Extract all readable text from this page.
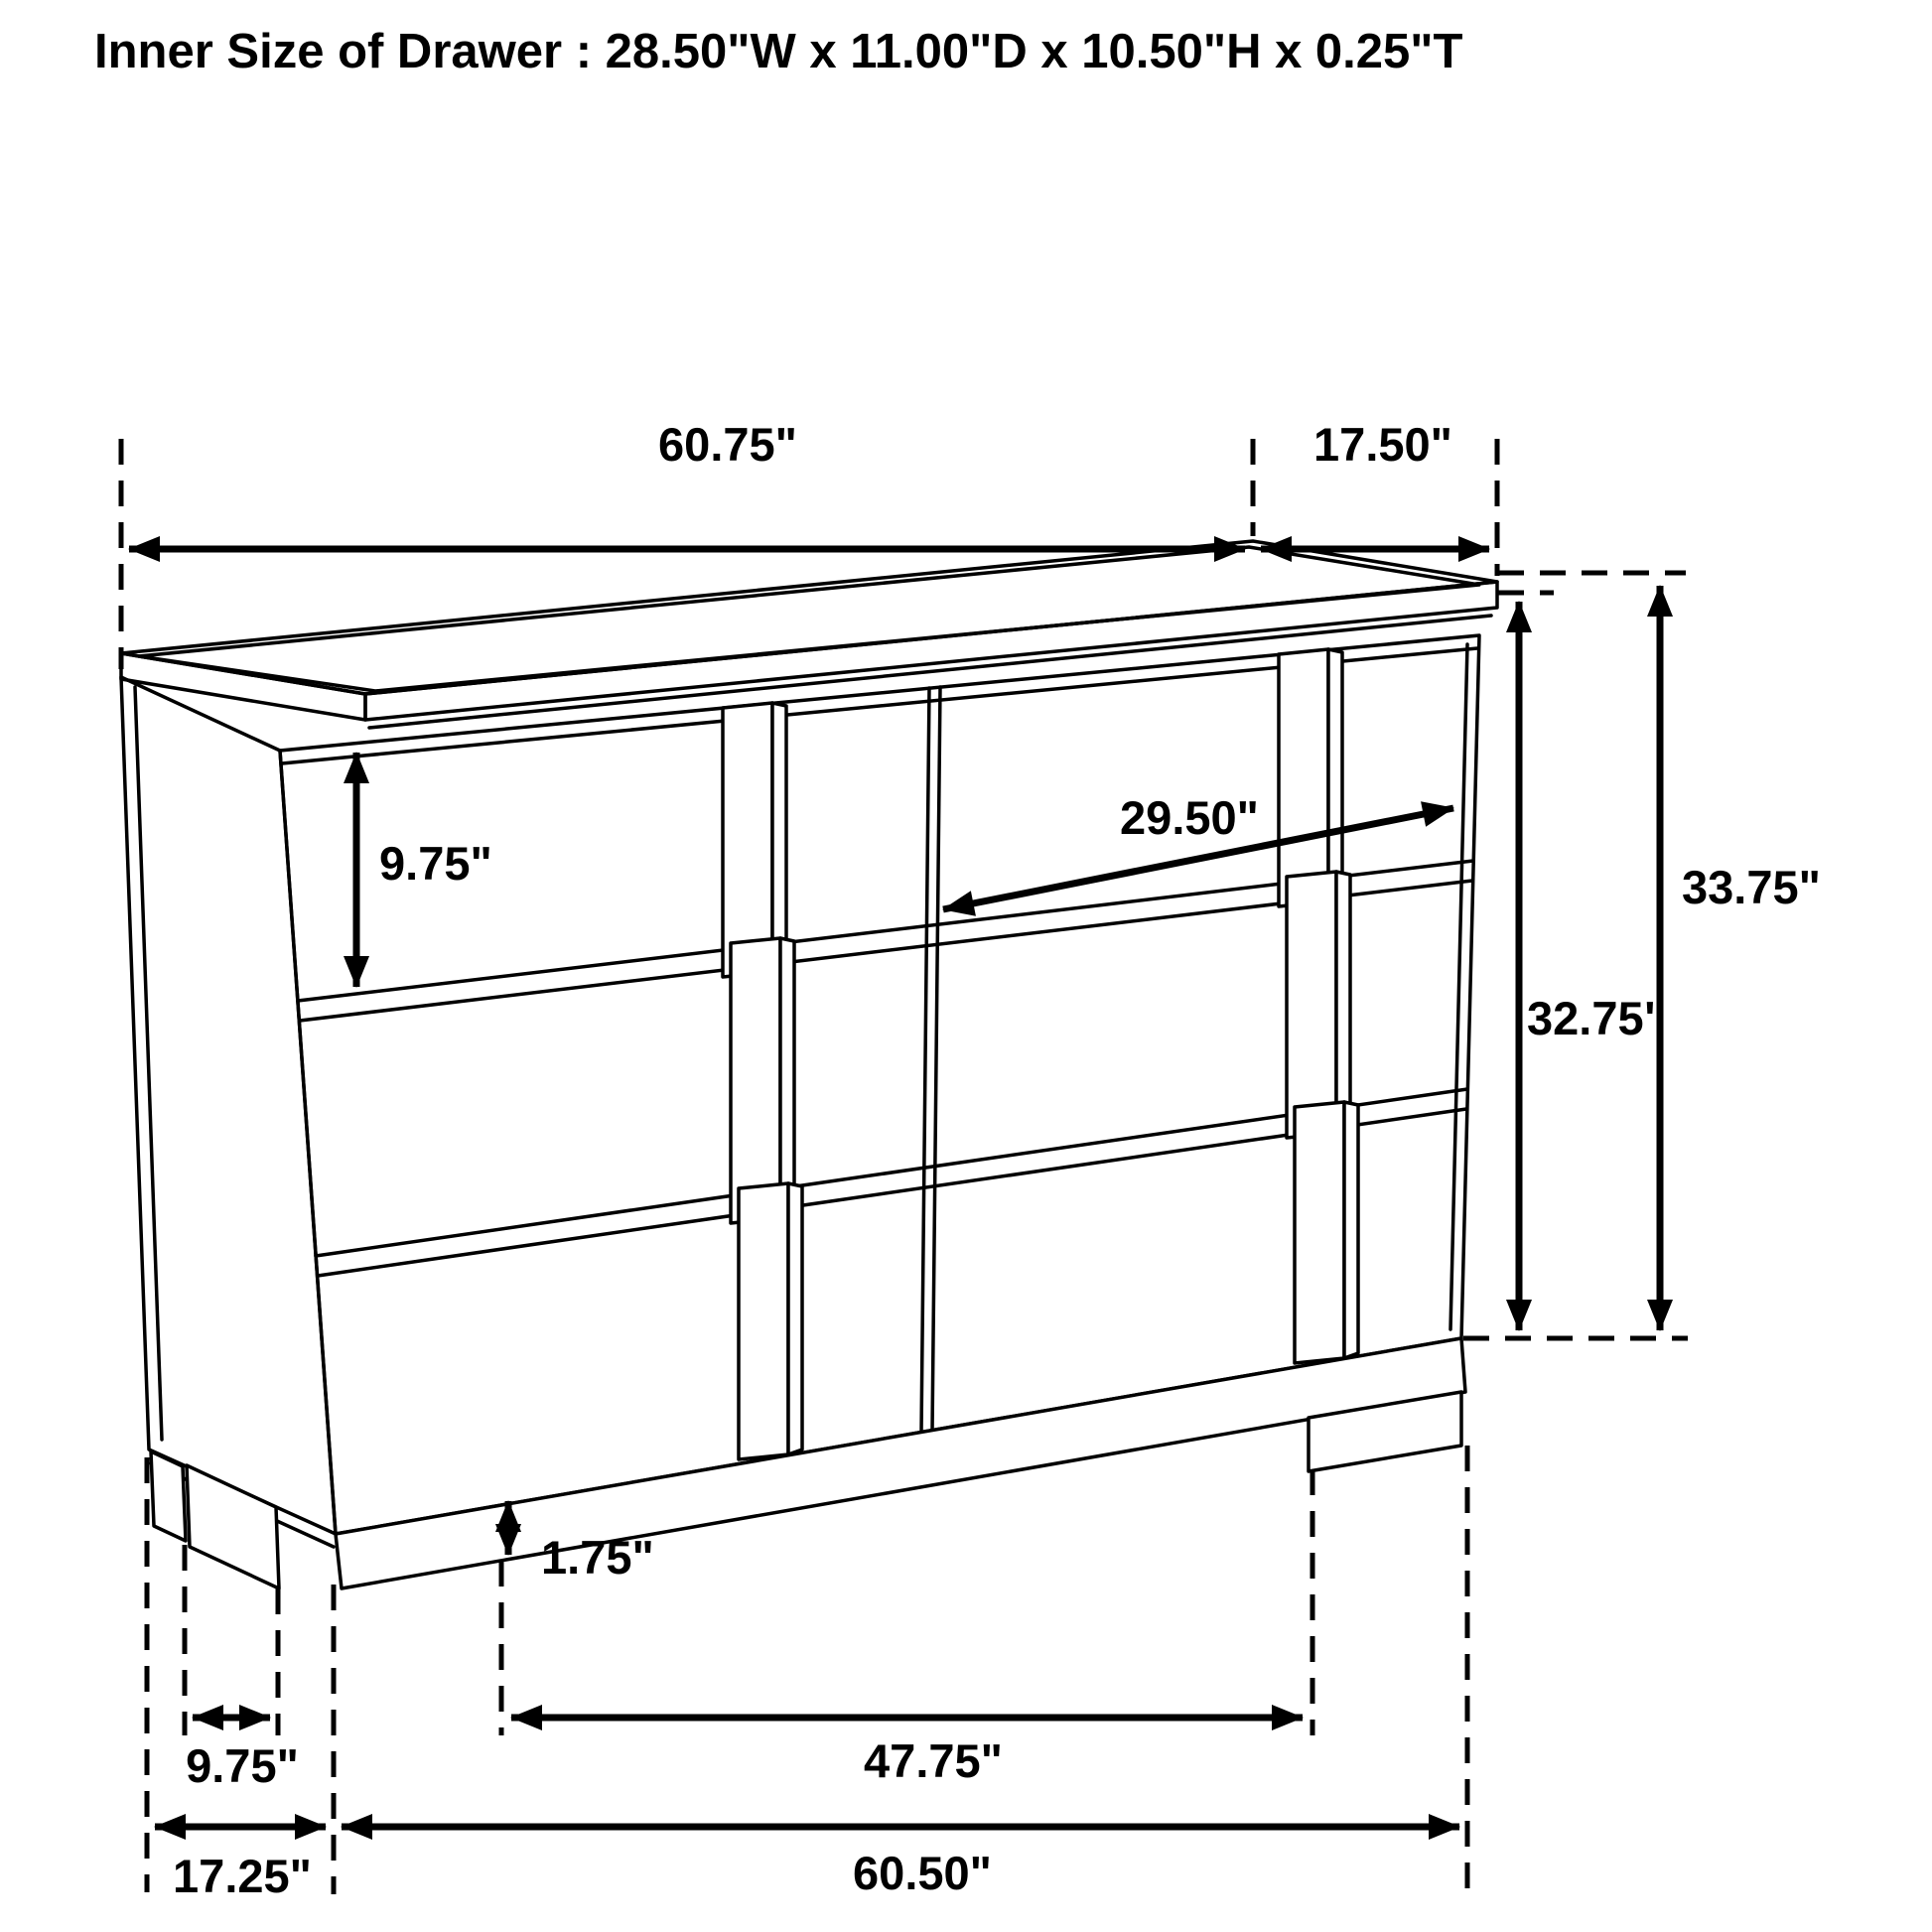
Inner Size of Drawer : 28.50"W x 11.00"D x 10.50"H x 0.25"T
60.75"	17.50"
9.75"
29.50"
33.75"
32.75"
1.75"
9.75"	47.75"
17.25"	60.50"
